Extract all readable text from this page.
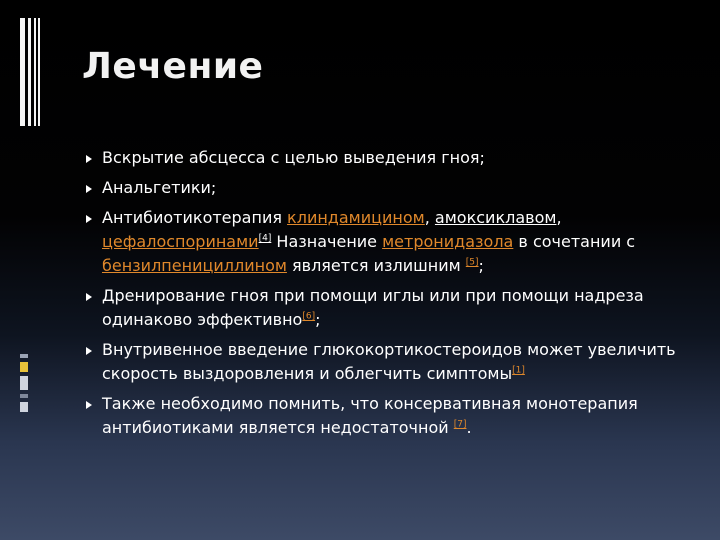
Лечение
Вскрытие абсцесса с целью выведения гноя;
Анальгетики;
Антибиотикотерапия клиндамицином, амоксиклавом, цефалоспоринами[4] Назначение метронидазола в сочетании с бензилпенициллином является излишним [5];
Дренирование гноя при помощи иглы или при помощи надреза одинаково эффективно[6];
Внутривенное введение глюкокортикостероидов может увеличить скорость выздоровления и облегчить симптомы[1]
Также необходимо помнить, что консервативная монотерапия антибиотиками является недостаточной [7].
